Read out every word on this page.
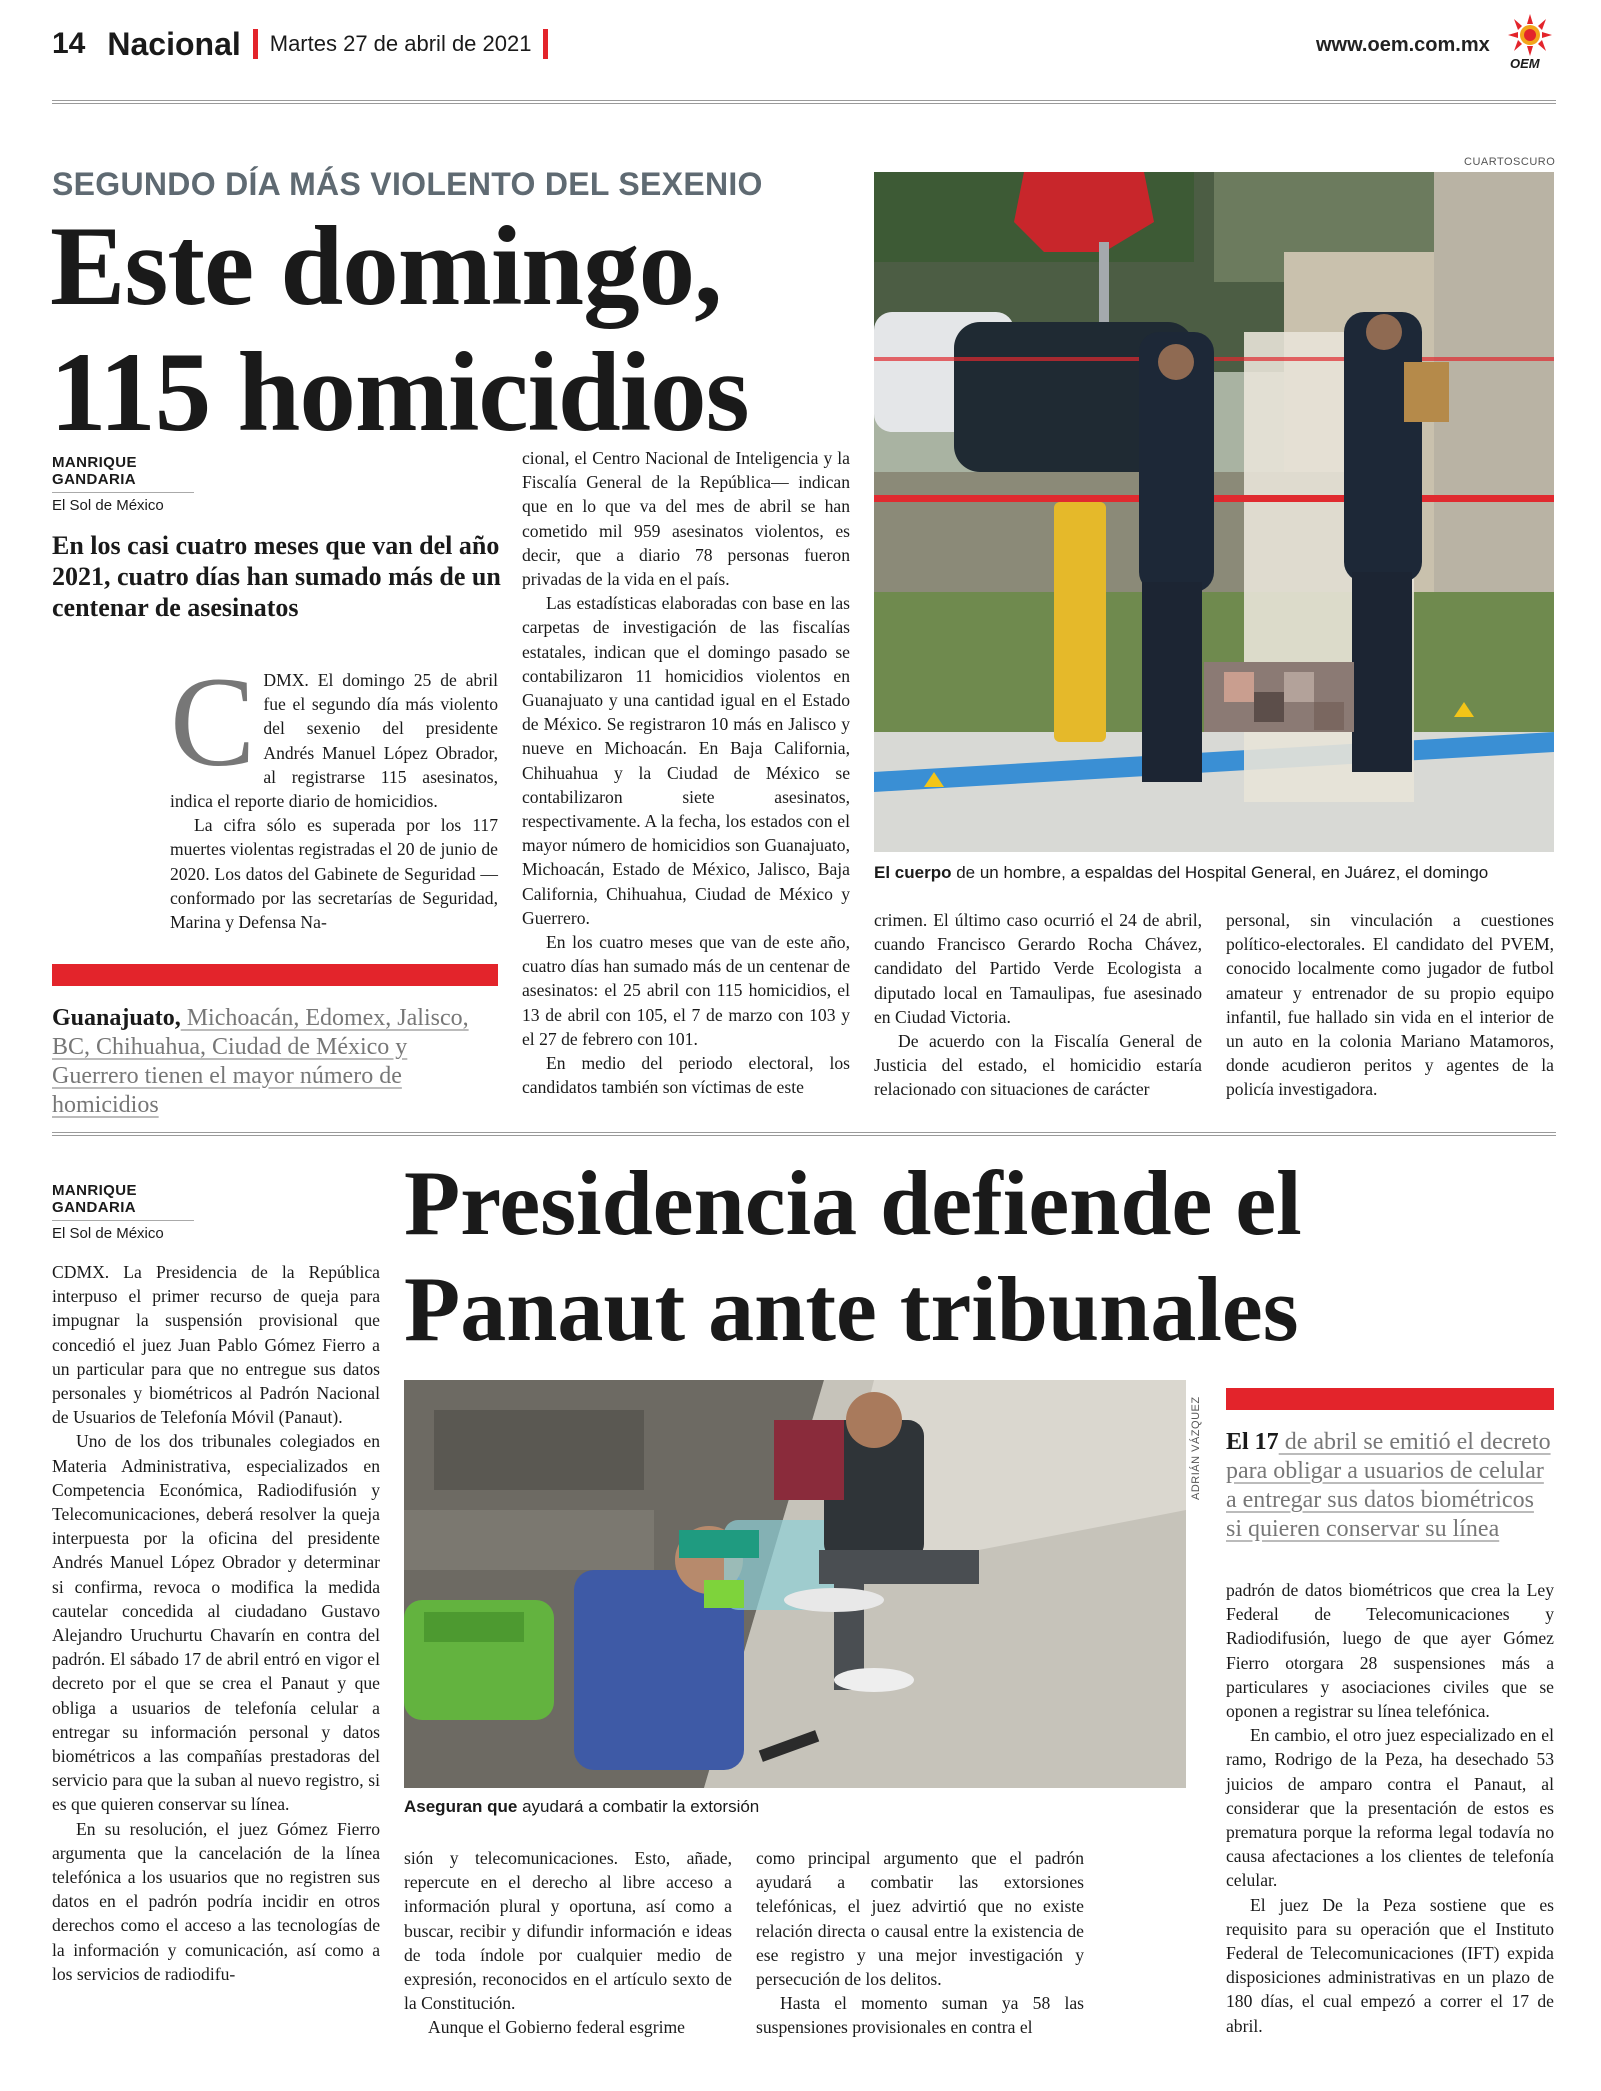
14 Nacional Martes 27 de abril de 2021	www.oem.com.mx
OEM
SEGUNDO DÍA MÁS VIOLENTO DEL SEXENIO
Este domingo,
115 homicidios
MANRIQUE GANDARIA
El Sol de México
En los casi cuatro meses que van del año 2021, cuatro días han sumado más de un centenar de asesinatos
C DMX. El domingo 25 de abril fue el segundo día más violento del sexenio del presidente Andrés Manuel López Obrador, al registrarse 115 asesinatos, indica el reporte diario de homicidios.

La cifra sólo es superada por los 117 muertes violentas registradas el 20 de junio de 2020. Los datos del Gabinete de Seguridad —conformado por las secretarías de Seguridad, Marina y Defensa Na-

Guanajuato, Michoacán, Edomex, Jalisco, BC, Chihuahua, Ciudad de México y Guerrero tienen el mayor número de homicidios

cional, el Centro Nacional de Inteligencia y la Fiscalía General de la República— indican que en lo que va del mes de abril se han cometido mil 959 asesinatos violentos, es decir, que a diario 78 personas fueron privadas de la vida en el país.

Las estadísticas elaboradas con base en las carpetas de investigación de las fiscalías estatales, indican que el domingo pasado se contabilizaron 11 homicidios violentos en Guanajuato y una cantidad igual en el Estado de México. Se registraron 10 más en Jalisco y nueve en Michoacán. En Baja California, Chihuahua y la Ciudad de México se contabilizaron siete asesinatos, respectivamente. A la fecha, los estados con el mayor número de homicidios son Guanajuato, Michoacán, Estado de México, Jalisco, Baja California, Chihuahua, Ciudad de México y Guerrero.

En los cuatro meses que van de este año, cuatro días han sumado más de un centenar de asesinatos: el 25 abril con 115 homicidios, el 13 de abril con 105, el 7 de marzo con 103 y el 27 de febrero con 101.

En medio del periodo electoral, los candidatos también son víctimas de este

CUARTOSCURO
El cuerpo de un hombre, a espaldas del Hospital General, en Juárez, el domingo

crimen. El último caso ocurrió el 24 de abril, cuando Francisco Gerardo Rocha Chávez, candidato del Partido Verde Ecologista a diputado local en Tamaulipas, fue asesinado en Ciudad Victoria.

De acuerdo con la Fiscalía General de Justicia del estado, el homicidio estaría relacionado con situaciones de carácter

personal, sin vinculación a cuestiones político-electorales. El candidato del PVEM, conocido localmente como jugador de futbol amateur y entrenador de su propio equipo infantil, fue hallado sin vida en el interior de un auto en la colonia Mariano Matamoros, donde acudieron peritos y agentes de la policía investigadora.

MANRIQUE GANDARIA
El Sol de México	Presidencia defiende el
Panaut ante tribunales

CDMX. La Presidencia de la República interpuso el primer recurso de queja para impugnar la suspensión provisional que concedió el juez Juan Pablo Gómez Fierro a un particular para que no entregue sus datos personales y biométricos al Padrón Nacional de Usuarios de Telefonía Móvil (Panaut).

Uno de los dos tribunales colegiados en Materia Administrativa, especializados en Competencia Económica, Radiodifusión y Telecomunicaciones, deberá resolver la queja interpuesta por la oficina del presidente Andrés Manuel López Obrador y determinar si confirma, revoca o modifica la medida cautelar concedida al ciudadano Gustavo Alejandro Uruchurtu Chavarín en contra del padrón. El sábado 17 de abril entró en vigor el decreto por el que se crea el Panaut y que obliga a usuarios de telefonía celular a entregar su información personal y datos biométricos a las compañías prestadoras del servicio para que la suban al nuevo registro, si es que quieren conservar su línea.

En su resolución, el juez Gómez Fierro argumenta que la cancelación de la línea telefónica a los usuarios que no registren sus datos en el padrón podría incidir en otros derechos como el acceso a las tecnologías de la información y comunicación, así como a los servicios de radiodifu-

ADRIÁN VÁZQUEZ
Aseguran que ayudará a combatir la extorsión

sión y telecomunicaciones. Esto, añade, repercute en el derecho al libre acceso a información plural y oportuna, así como a buscar, recibir y difundir información e ideas de toda índole por cualquier medio de expresión, reconocidos en el artículo sexto de la Constitución.

Aunque el Gobierno federal esgrime

como principal argumento que el padrón ayudará a combatir las extorsiones telefónicas, el juez advirtió que no existe relación directa o causal entre la existencia de ese registro y una mejor investigación y persecución de los delitos.

Hasta el momento suman ya 58 las suspensiones provisionales en contra el

El 17 de abril se emitió el decreto para obligar a usuarios de celular a entregar sus datos biométricos si quieren conservar su línea

padrón de datos biométricos que crea la Ley Federal de Telecomunicaciones y Radiodifusión, luego de que ayer Gómez Fierro otorgara 28 suspensiones más a particulares y asociaciones civiles que se oponen a registrar su línea telefónica.

En cambio, el otro juez especializado en el ramo, Rodrigo de la Peza, ha desechado 53 juicios de amparo contra el Panaut, al considerar que la presentación de estos es prematura porque la reforma legal todavía no causa afectaciones a los clientes de telefonía celular.

El juez De la Peza sostiene que es requisito para su operación que el Instituto Federal de Telecomunicaciones (IFT) expida disposiciones administrativas en un plazo de 180 días, el cual empezó a correr el 17 de abril.
